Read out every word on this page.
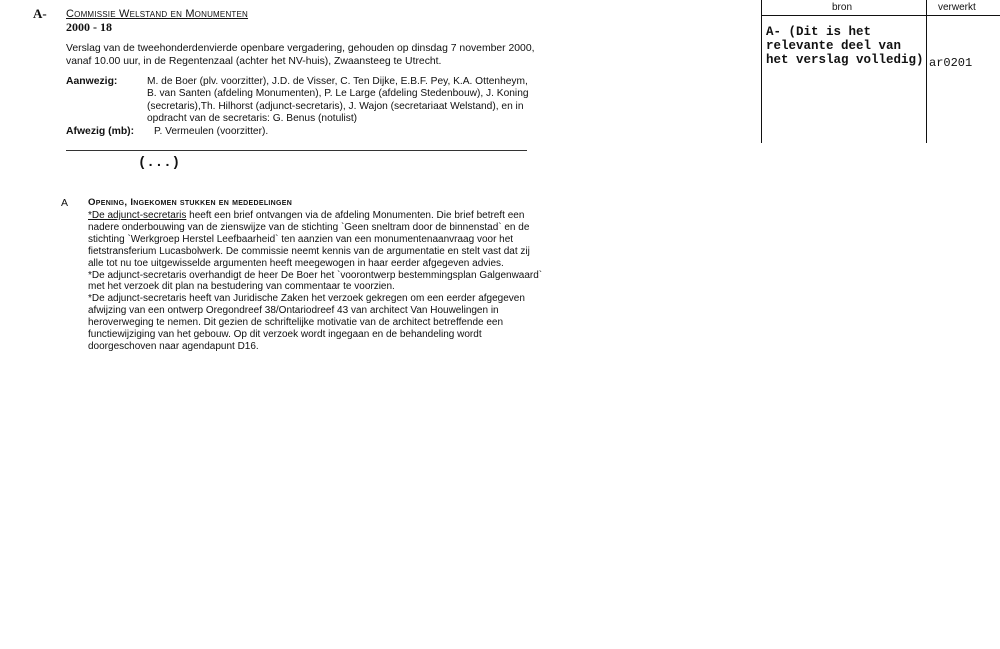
A- Commissie Welstand en Monumenten
2000 - 18
Verslag van de tweehonderdenvierde openbare vergadering, gehouden op dinsdag 7 november 2000, vanaf 10.00 uur, in de Regentenzaal (achter het NV-huis), Zwaansteeg te Utrecht.
Aanwezig:	M. de Boer (plv. voorzitter), J.D. de Visser, C. Ten Dijke, E.B.F. Pey, K.A. Ottenheym, B. van Santen (afdeling Monumenten), P. Le Large (afdeling Stedenbouw), J. Koning (secretaris),Th. Hilhorst (adjunct-secretaris), J. Wajon (secretariaat Welstand), en in opdracht van de secretaris: G. Benus (notulist)
Afwezig (mb): P. Vermeulen (voorzitter).
(...)
A Opening, Ingekomen stukken en mededelingen

*De adjunct-secretaris heeft een brief ontvangen via de afdeling Monumenten. Die brief betreft een nadere onderbouwing van de zienswijze van de stichting `Geen sneltram door de binnenstad` en de stichting `Werkgroep Herstel Leefbaarheid` ten aanzien van een monumentenaanvraag voor het fietstransferium Lucasbolwerk. De commissie neemt kennis van de argumentatie en stelt vast dat zij alle tot nu toe uitgewisselde argumenten heeft meegewogen in haar eerder afgegeven advies.

*De adjunct-secretaris overhandigt de heer De Boer het `voorontwerp bestemmingsplan Galgenwaard` met het verzoek dit plan na bestudering van commentaar te voorzien.

*De adjunct-secretaris heeft van Juridische Zaken het verzoek gekregen om een eerder afgegeven afwijzing van een ontwerp Oregondreef 38/Ontariodreef 43 van architect Van Houwelingen in heroverweging te nemen. Dit gezien de schriftelijke motivatie van de architect betreffende een functiewijziging van het gebouw. Op dit verzoek wordt ingegaan en de behandeling wordt doorgeschoven naar agendapunt D16.

bron	verwerkt
A- (Dit is het relevante deel van het verslag volledig) ar0201
